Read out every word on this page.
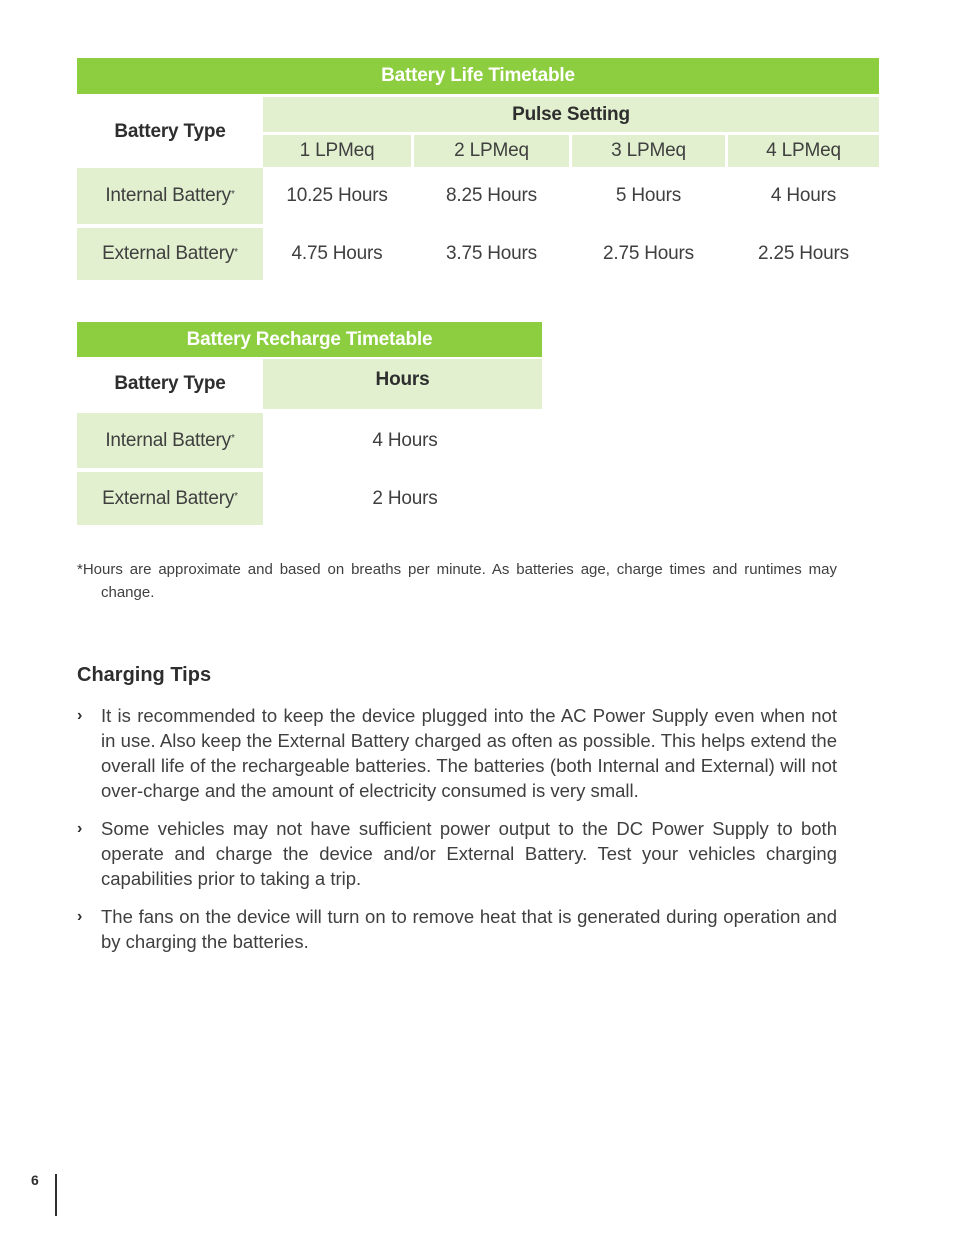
Battery Life Timetable
Battery Type
Pulse Setting
1 LPMeq	2 LPMeq	3 LPMeq	4 LPMeq
Internal Battery*	10.25 Hours	8.25 Hours	5 Hours	4 Hours
External Battery*	4.75 Hours	3.75 Hours	2.75 Hours	2.25 Hours
Battery Recharge Timetable
Battery Type	Hours
Internal Battery*	4 Hours
External Battery*	2 Hours
*Hours are approximate and based on breaths per minute. As batteries age, charge times and runtimes may change.
Charging Tips
› It is recommended to keep the device plugged into the AC Power Supply even when not in use. Also keep the External Battery charged as often as possible. This helps extend the overall life of the rechargeable batteries. The batteries (both Internal and External) will not over-charge and the amount of electricity consumed is very small.
› Some vehicles may not have sufficient power output to the DC Power Supply to both operate and charge the device and/or External Battery. Test your vehicles charging capabilities prior to taking a trip.
› The fans on the device will turn on to remove heat that is generated during operation and by charging the batteries.
6
